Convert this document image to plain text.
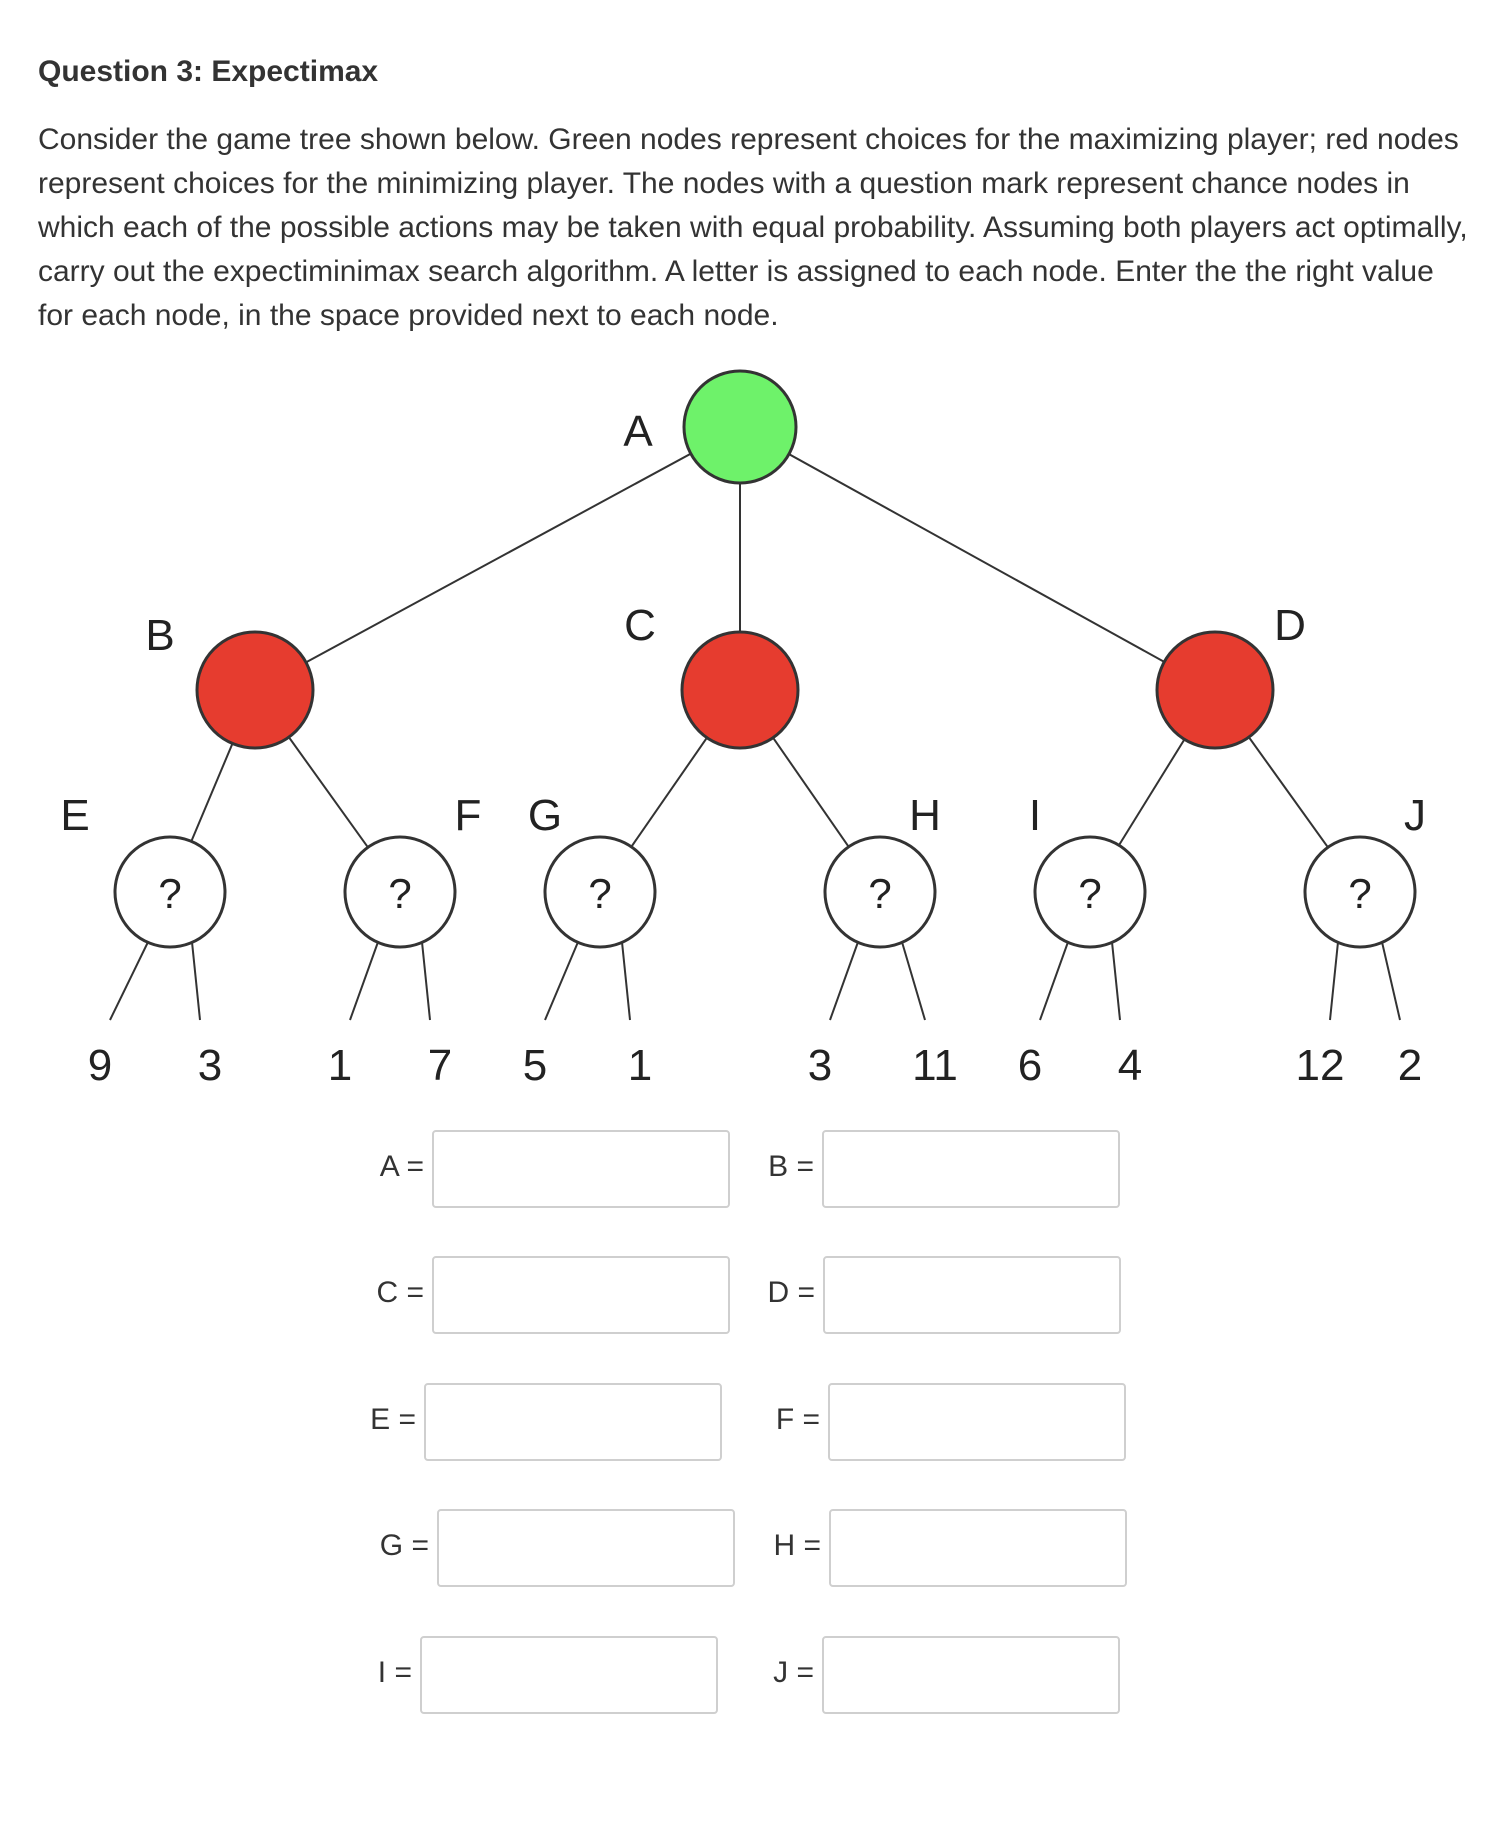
Question 3: Expectimax

Consider the game tree shown below. Green nodes represent choices for the maximizing player; red nodes represent choices for the minimizing player. The nodes with a question mark represent chance nodes in which each of the possible actions may be taken with equal probability. Assuming both players act optimally, carry out the expectiminimax search algorithm. A letter is assigned to each node. Enter the the right value for each node, in the space provided next to each node.

A
B	C	D
?
E
9 3
?
F
1 7
?
G
5 1
?
H
3 11
?
I
6 4
?
J
12 2
A =	B =
C =	D =
E =	F =
G =	H =
I =	J =
